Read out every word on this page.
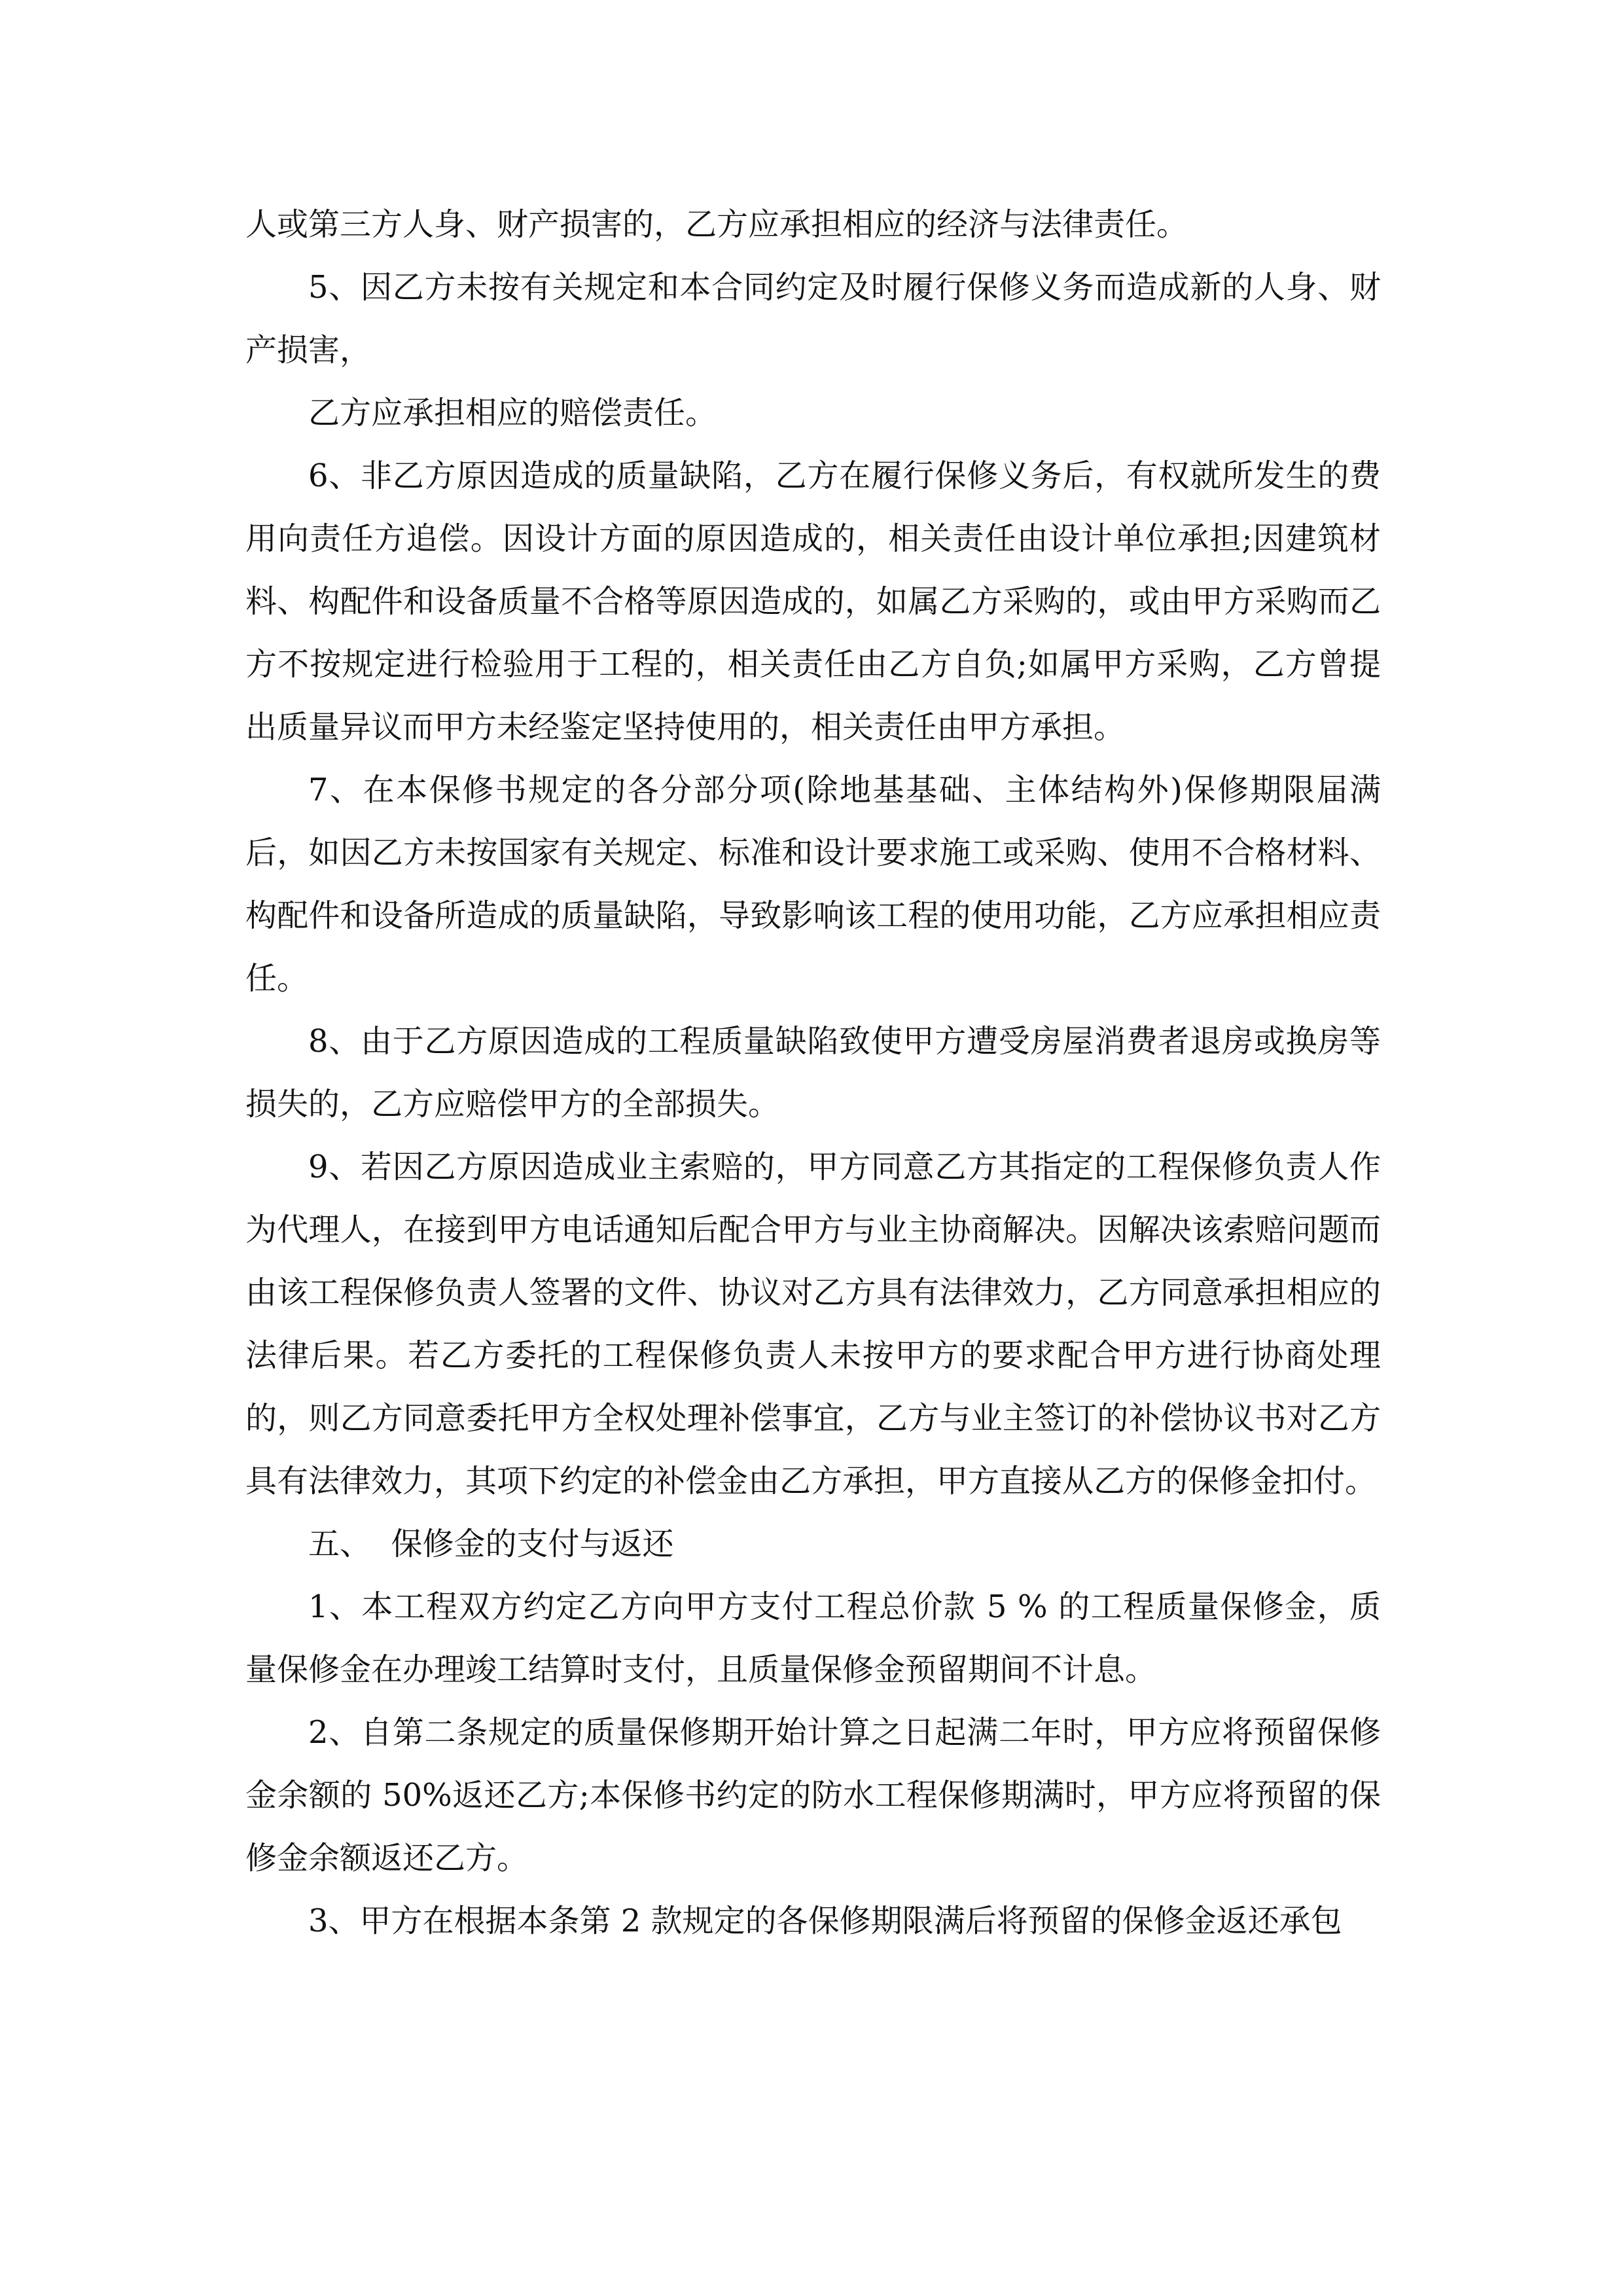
人或第三方人身、财产损害的，乙方应承担相应的经济与法律责任。

5、因乙方未按有关规定和本合同约定及时履行保修义务而造成新的人身、财产损害，

乙方应承担相应的赔偿责任。

6、非乙方原因造成的质量缺陷，乙方在履行保修义务后，有权就所发生的费用向责任方追偿。因设计方面的原因造成的，相关责任由设计单位承担;因建筑材料、构配件和设备质量不合格等原因造成的，如属乙方采购的，或由甲方采购而乙方不按规定进行检验用于工程的，相关责任由乙方自负;如属甲方采购，乙方曾提出质量异议而甲方未经鉴定坚持使用的，相关责任由甲方承担。

7、在本保修书规定的各分部分项(除地基基础、主体结构外)保修期限届满后，如因乙方未按国家有关规定、标准和设计要求施工或采购、使用不合格材料、构配件和设备所造成的质量缺陷，导致影响该工程的使用功能，乙方应承担相应责任。

8、由于乙方原因造成的工程质量缺陷致使甲方遭受房屋消费者退房或换房等损失的，乙方应赔偿甲方的全部损失。

9、若因乙方原因造成业主索赔的，甲方同意乙方其指定的工程保修负责人作为代理人，在接到甲方电话通知后配合甲方与业主协商解决。因解决该索赔问题而由该工程保修负责人签署的文件、协议对乙方具有法律效力，乙方同意承担相应的法律后果。若乙方委托的工程保修负责人未按甲方的要求配合甲方进行协商处理的，则乙方同意委托甲方全权处理补偿事宜，乙方与业主签订的补偿协议书对乙方具有法律效力，其项下约定的补偿金由乙方承担，甲方直接从乙方的保修金扣付。

五、  保修金的支付与返还

1、本工程双方约定乙方向甲方支付工程总价款 5 % 的工程质量保修金，质量保修金在办理竣工结算时支付，且质量保修金预留期间不计息。

2、自第二条规定的质量保修期开始计算之日起满二年时，甲方应将预留保修金余额的 50%返还乙方;本保修书约定的防水工程保修期满时，甲方应将预留的保修金余额返还乙方。

3、甲方在根据本条第 2 款规定的各保修期限满后将预留的保修金返还承包
